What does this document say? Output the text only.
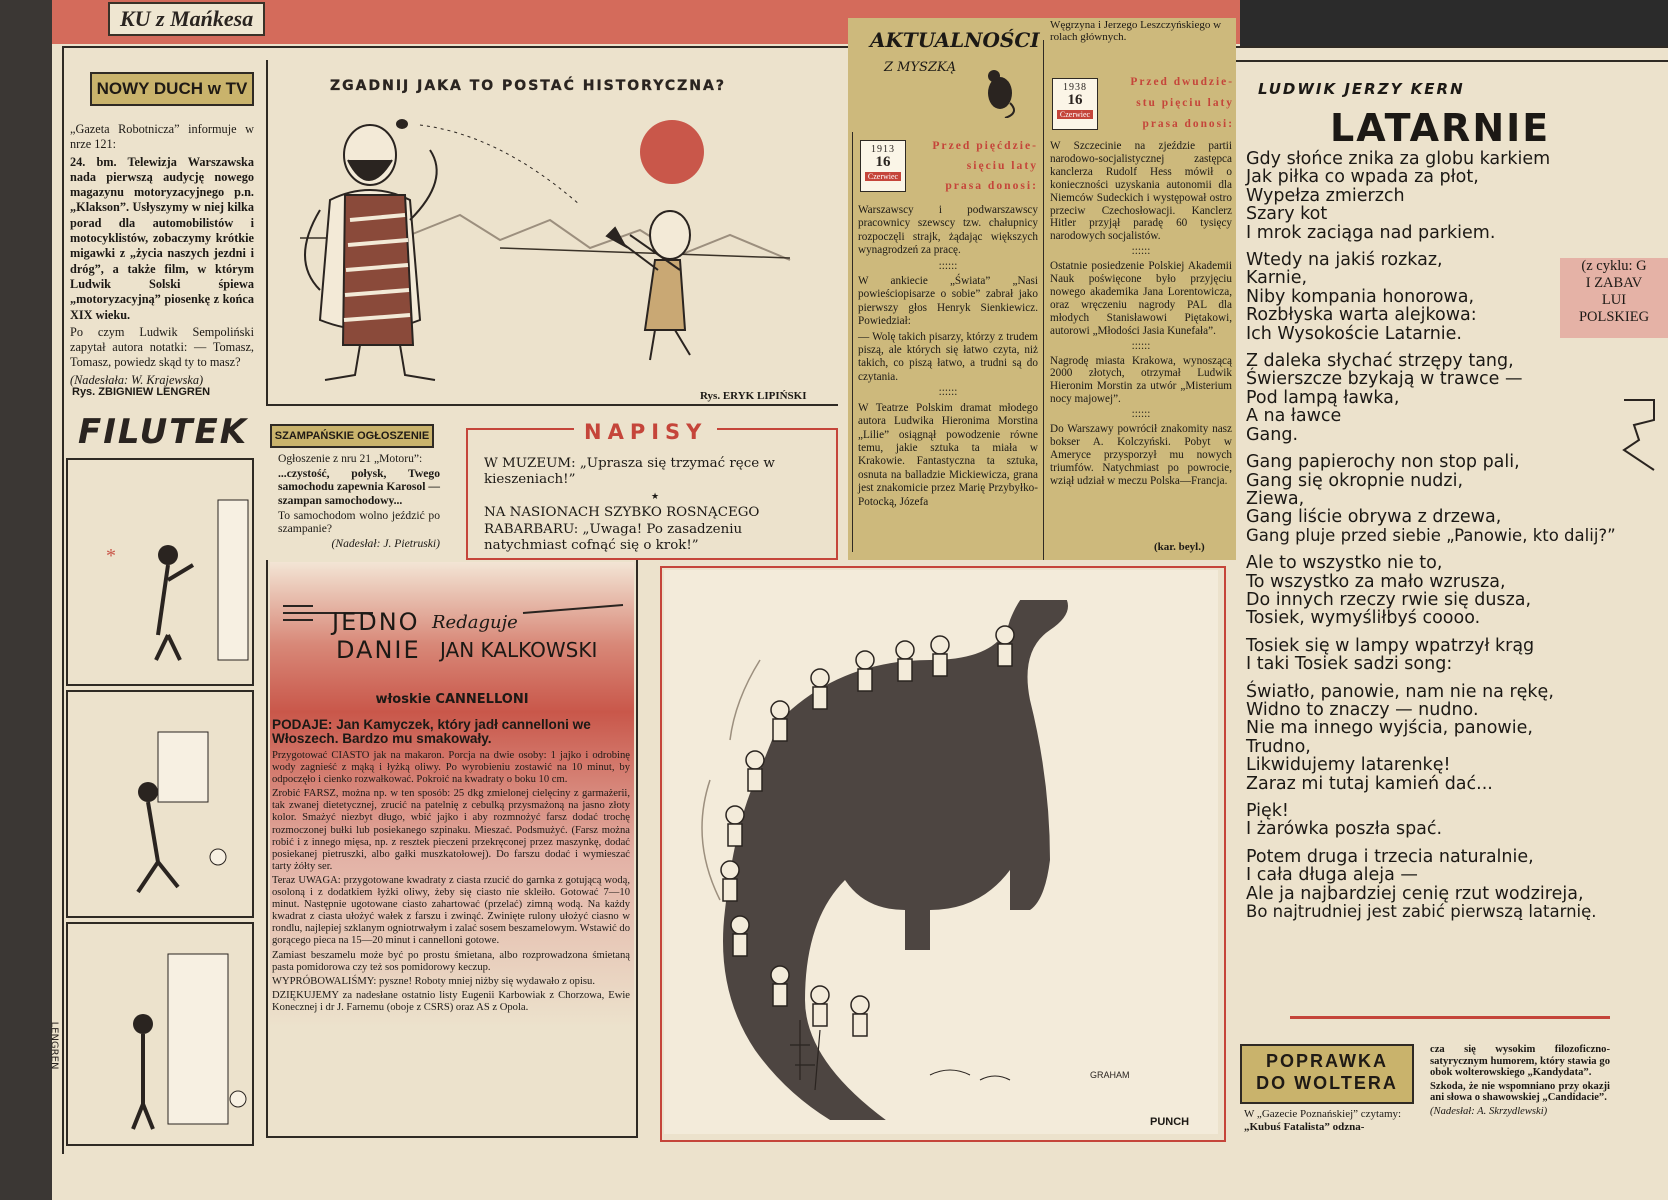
KU z Mańkesa
NOWY DUCH w TV

„Gazeta Robotnicza” informuje w nrze 121:

24. bm. Telewizja Warszawska nada pierwszą audycję nowego magazynu motoryzacyjnego p.n. „Klakson”. Usłyszymy w niej kilka porad dla automobilistów i motocyklistów, zobaczymy krótkie migawki z „życia naszych jezdni i dróg”, a także film, w którym Ludwik Solski śpiewa „motoryzacyjną” piosenkę z końca XIX wieku.

Po czym Ludwik Sempoliński zapytał autora notatki: — Tomasz, Tomasz, powiedz skąd ty to masz?

(Nadesłała: W. Krajewska)

Rys. ZBIGNIEW LENGREN
ZGADNIJ JAKA TO POSTAĆ HISTORYCZNA?
Rys. ERYK LIPIŃSKI
FILUTEK
*
LENGREN
SZAMPAŃSKIE OGŁOSZENIE

Ogłoszenie z nru 21 „Motoru”:

...czystość, połysk, Twego samochodu zapewnia Karosol — szampan samochodowy...

To samochodom wolno jeździć po szampanie?

(Nadesłał: J. Pietruski)

NAPISY
W MUZEUM: „Uprasza się trzymać ręce w kieszeniach!”
★
NA NASIONACH SZYBKO ROSNĄCEGO RABARBARU: „Uwaga! Po zasadzeniu natychmiast cofnąć się o krok!”
AKTUALNOŚCI
Z MYSZKĄ
1913
16
Czerwiec
Przed pięćdzie-
sięciu laty
prasa donosi:

Warszawscy i podwarszawscy pracownicy szewscy tzw. chałupnicy rozpoczęli strajk, żądając większych wynagrodzeń za pracę.

::::::

W ankiecie „Świata” „Nasi powieściopisarze o sobie” zabrał jako pierwszy głos Henryk Sienkiewicz. Powiedział:

— Wolę takich pisarzy, którzy z trudem piszą, ale których się łatwo czyta, niż takich, co piszą łatwo, a trudni są do czytania.

::::::

W Teatrze Polskim dramat młodego autora Ludwika Hieronima Morstina „Lilie” osiągnął powodzenie równe temu, jakie sztuka ta miała w Krakowie. Fantastyczna ta sztuka, osnuta na balladzie Mickiewicza, grana jest znakomicie przez Marię Przybyłko-Potocką, Józefa

Węgrzyna i Jerzego Leszczyńskiego w rolach głównych.
1938
16
Czerwiec
Przed dwudzie-
stu pięciu laty
prasa donosi:

W Szczecinie na zjeździe partii narodowo-socjalistycznej zastępca kanclerza Rudolf Hess mówił o konieczności uzyskania autonomii dla Niemców Sudeckich i występował ostro przeciw Czechosłowacji. Kanclerz Hitler przyjął paradę 60 tysięcy narodowych socjalistów.

::::::

Ostatnie posiedzenie Polskiej Akademii Nauk poświęcone było przyjęciu nowego akademika Jana Lorentowicza, oraz wręczeniu nagrody PAL dla młodych Stanisławowi Piętakowi, autorowi „Młodości Jasia Kunefała”.

::::::

Nagrodę miasta Krakowa, wynoszącą 2000 złotych, otrzymał Ludwik Hieronim Morstin za utwór „Misterium nocy majowej”.

::::::

Do Warszawy powrócił znakomity nasz bokser A. Kolczyński. Pobyt w Ameryce przysporzył mu nowych triumfów. Natychmiast po powrocie, wziął udział w meczu Polska—Francja.

(kar. beyl.)
LUDWIK JERZY KERN
LATARNIE
(z cyklu: G
I ZABAV
LUI
POLSKIEG
Gdy słońce znika za globu karkiem
Jak piłka co wpada za płot,
Wypełza zmierzch
Szary kot
I mrok zaciąga nad parkiem.
Wtedy na jakiś rozkaz,
Karnie,
Niby kompania honorowa,
Rozbłyska warta alejkowa:
Ich Wysokoście Latarnie.
Z daleka słychać strzępy tang,
Świerszcze bzykają w trawce —
Pod lampą ławka,
A na ławce
Gang.
Gang papierochy non stop pali,
Gang się okropnie nudzi,
Ziewa,
Gang liście obrywa z drzewa,
Gang pluje przed siebie „Panowie, kto dalij?”
Ale to wszystko nie to,
To wszystko za mało wzrusza,
Do innych rzeczy rwie się dusza,
Tosiek, wymyśliłbyś coooo.
Tosiek się w lampy wpatrzył krąg
I taki Tosiek sadzi song:
Światło, panowie, nam nie na rękę,
Widno to znaczy — nudno.
Nie ma innego wyjścia, panowie,
Trudno,
Likwidujemy latarenkę!
Zaraz mi tutaj kamień dać...
Pięk!
I żarówka poszła spać.
Potem druga i trzecia naturalnie,
I cała długa aleja —
Ale ja najbardziej cenię rzut wodzireja,
Bo najtrudniej jest zabić pierwszą latarnię.
JEDNO Redaguje
DANIE JAN KALKOWSKI
włoskie CANNELLONI
PODAJE: Jan Kamyczek, który jadł cannelloni we Włoszech. Bardzo mu smakowały.

Przygotować CIASTO jak na makaron. Porcja na dwie osoby: 1 jajko i odrobinę wody zagnieść z mąką i łyżką oliwy. Po wyrobieniu zostawić na 10 minut, by odpoczęło i cienko rozwałkować. Pokroić na kwadraty o boku 10 cm.

Zrobić FARSZ, można np. w ten sposób: 25 dkg zmielonej cielęciny z garmażerii, tak zwanej dietetycznej, zrucić na patelnię z cebulką przysmażoną na jasno złoty kolor. Smażyć niezbyt długo, wbić jajko i aby rozmnożyć farsz dodać trochę rozmoczonej bułki lub posiekanego szpinaku. Mieszać. Podsmużyć. (Farsz można robić i z innego mięsa, np. z resztek pieczeni przekręconej przez maszynkę, dodać posiekanej pietruszki, albo gałki muszkatołowej). Do farszu dodać i wymieszać tarty żółty ser.

Teraz UWAGA: przygotowane kwadraty z ciasta rzucić do garnka z gotującą wodą, osoloną i z dodatkiem łyżki oliwy, żeby się ciasto nie skleiło. Gotować 7—10 minut. Następnie ugotowane ciasto zahartować (przelać) zimną wodą. Na każdy kwadrat z ciasta ułożyć wałek z farszu i zwinąć. Zwinięte rulony ułożyć ciasno w rondlu, najlepiej szklanym ogniotrwałym i zalać sosem beszamelowym. Wstawić do gorącego pieca na 15—20 minut i cannelloni gotowe.

Zamiast beszamelu może być po prostu śmietana, albo rozprowadzona śmietaną pasta pomidorowa czy też sos pomidorowy keczup.

WYPRÓBOWALIŚMY: pyszne! Roboty mniej niżby się wydawało z opisu.

DZIĘKUJEMY za nadesłane ostatnio listy Eugenii Karbowiak z Chorzowa, Ewie Konecznej i dr J. Farnemu (oboje z CSRS) oraz AS z Opola.

GRAHAM
PUNCH
POPRAWKA
DO WOLTERA
W „Gazecie Poznańskiej” czytamy:
„Kubuś Fatalista” odzna-

cza się wysokim filozoficzno-satyrycznym humorem, który stawia go obok wolterowskiego „Kandydata”.

Szkoda, że nie wspomniano przy okazji ani słowa o shawowskiej „Candidacie”.

(Nadesłał: A. Skrzydlewski)
